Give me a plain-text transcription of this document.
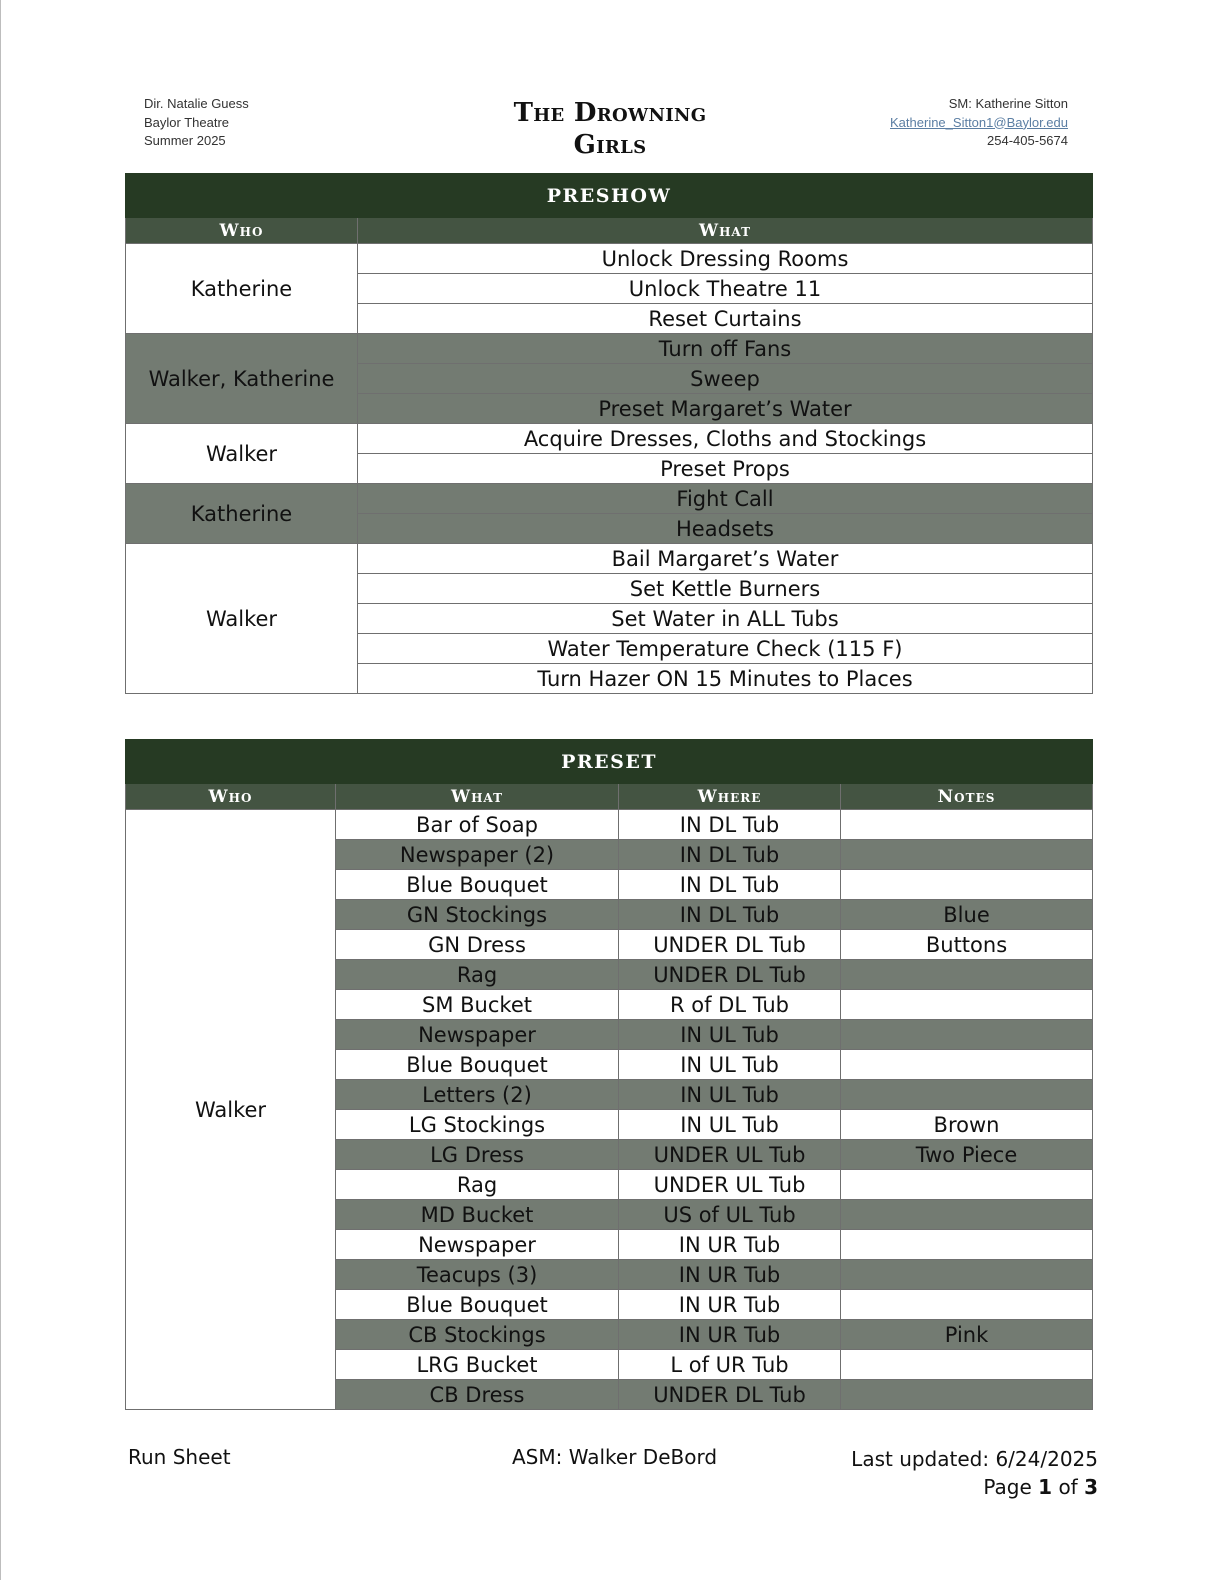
Dir. Natalie Guess
Baylor Theatre
Summer 2025
The Drowning
Girls
SM: Katherine Sitton
Katherine_Sitton1@Baylor.edu
254-405-5674
PRESHOW	
Who	What
Katherine	Unlock Dressing Rooms
	Unlock Theatre 11
	Reset Curtains
Walker, Katherine	Turn off Fans
	Sweep
	Preset Margaret’s Water
Walker	Acquire Dresses, Cloths and Stockings
	Preset Props
Katherine	Fight Call
	Headsets
Walker	Bail Margaret’s Water
	Set Kettle Burners
	Set Water in ALL Tubs
	Water Temperature Check (115 F)
	Turn Hazer ON 15 Minutes to Places
PRESET			
Who	What	Where	Notes
Walker	Bar of Soap	IN DL Tub	
	Newspaper (2)	IN DL Tub	
	Blue Bouquet	IN DL Tub	
	GN Stockings	IN DL Tub	Blue
	GN Dress	UNDER DL Tub	Buttons
	Rag	UNDER DL Tub	
	SM Bucket	R of DL Tub	
	Newspaper	IN UL Tub	
	Blue Bouquet	IN UL Tub	
	Letters (2)	IN UL Tub	
	LG Stockings	IN UL Tub	Brown
	LG Dress	UNDER UL Tub	Two Piece
	Rag	UNDER UL Tub	
	MD Bucket	US of UL Tub	
	Newspaper	IN UR Tub	
	Teacups (3)	IN UR Tub	
	Blue Bouquet	IN UR Tub	
	CB Stockings	IN UR Tub	Pink
	LRG Bucket	L of UR Tub	
	CB Dress	UNDER DL Tub	
Run Sheet	ASM: Walker DeBord	Last updated: 6/24/2025
Page 1 of 3
